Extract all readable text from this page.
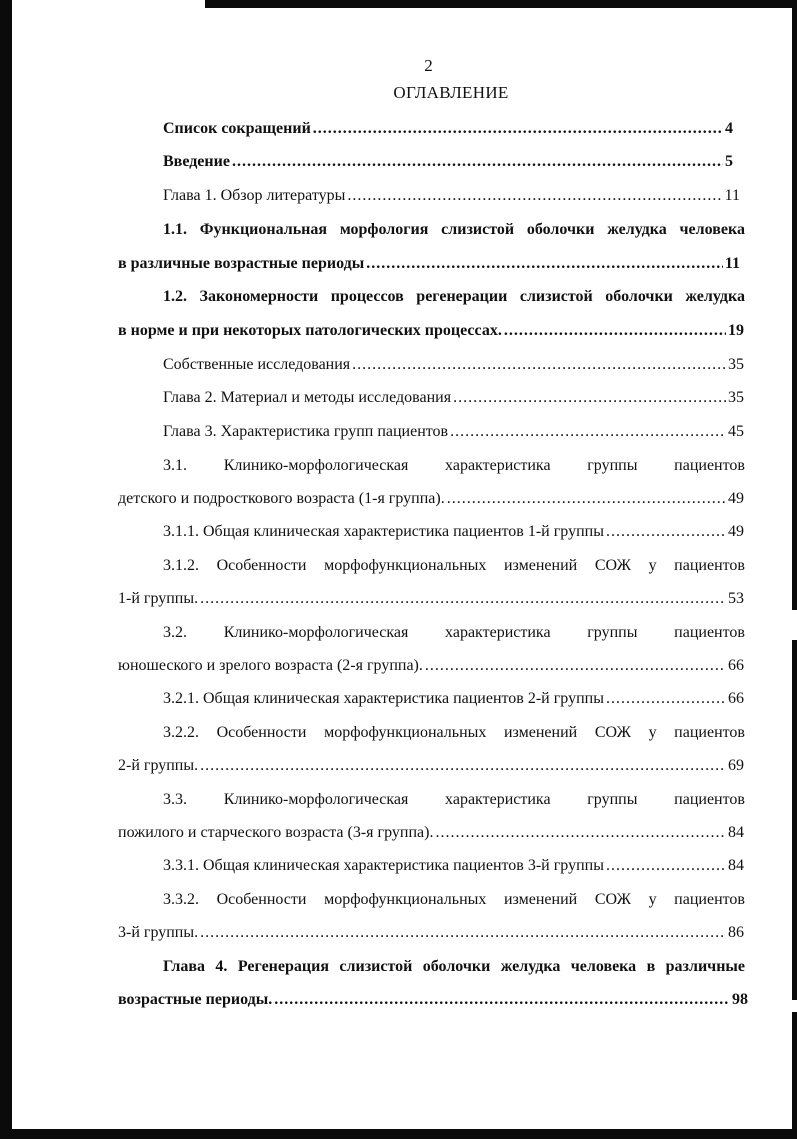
2
ОГЛАВЛЕНИЕ
Список сокращений .....	4
Введение .....	5
Глава 1. Обзор литературы .....	11
1.1. Функциональная морфология слизистой оболочки желудка человека
в различные возрастные периоды .....	11
1.2. Закономерности процессов регенерации слизистой оболочки желудка
в норме и при некоторых патологических процессах. .....	19
Собственные исследования .....	35
Глава 2. Материал и методы исследования .....	35
Глава 3. Характеристика групп пациентов .....	45
3.1. Клинико-морфологическая характеристика группы пациентов
детского и подросткового возраста (1-я группа). .....	49
3.1.1. Общая клиническая характеристика пациентов 1-й группы .....	49
3.1.2. Особенности морфофункциональных изменений СОЖ у пациентов
1-й группы. .....	53
3.2. Клинико-морфологическая характеристика группы пациентов
юношеского и зрелого возраста (2-я группа). .....	66
3.2.1. Общая клиническая характеристика пациентов 2-й группы .....	66
3.2.2. Особенности морфофункциональных изменений СОЖ у пациентов
2-й группы. .....	69
3.3. Клинико-морфологическая характеристика группы пациентов
пожилого и старческого возраста (3-я группа). .....	84
3.3.1. Общая клиническая характеристика пациентов 3-й группы .....	84
3.3.2. Особенности морфофункциональных изменений СОЖ у пациентов
3-й группы. .....	86
Глава 4. Регенерация слизистой оболочки желудка человека в различные
возрастные периоды. .....	98
